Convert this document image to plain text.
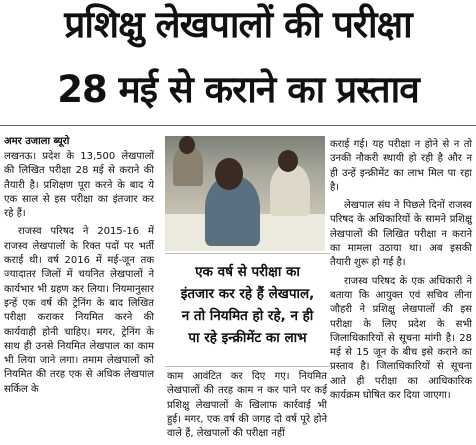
प्रशिक्षु लेखपालों की परीक्षा
28 मई से कराने का प्रस्ताव
अमर उजाला ब्यूरो

लखनऊ। प्रदेश के 13,500 लेखपालों की लिखित परीक्षा 28 मई से कराने की तैयारी है। प्रशिक्षण पूरा करने के बाद ये एक साल से इस परीक्षा का इंतजार कर रहे हैं।

राजस्व परिषद ने 2015-16 में राजस्व लेखपालों के रिक्त पदों पर भर्ती कराई थी। वर्ष 2016 में मई-जून तक ज्यादातर जिलों में चयनित लेखपालों ने कार्यभार भी ग्रहण कर लिया। नियमानुसार इन्हें एक वर्ष की ट्रेनिंग के बाद लिखित परीक्षा कराकर नियमित करने की कार्यवाही होनी चाहिए। मगर, ट्रेनिंग के साथ ही उनसे नियमित लेखपाल का काम भी लिया जाने लगा। तमाम लेखपालों को नियमित की तरह एक से अधिक लेखपाल सर्किल के

एक वर्ष से परीक्षा का
इंतजार कर रहे हैं लेखपाल,
न तो नियमित हो रहे, न ही
पा रहे इन्क्रीमेंट का लाभ

काम आवंटित कर दिए गए। नियमित लेखपालों की तरह काम न कर पाने पर कई प्रशिक्षु लेखपालों के खिलाफ कार्रवाई भी हुई। मगर, एक वर्ष की जगह दो वर्ष पूरे होने वाले हैं, लेखपालों की परीक्षा नहीं

कराई गई। यह परीक्षा न होने से न तो उनकी नौकरी स्थायी हो रही है और न ही उन्हें इन्क्रीमेंट का लाभ मिल पा रहा है।

लेखपाल संघ ने पिछले दिनों राजस्व परिषद के अधिकारियों के सामने प्रशिक्षु लेखपालों की लिखित परीक्षा न कराने का मामला उठाया था। अब इसकी तैयारी शुरू हो गई है।

राजस्व परिषद के एक अधिकारी ने बताया कि आयुक्त एवं सचिव लीना जौहरी ने प्रशिक्षु लेखपालों की इस परीक्षा के लिए प्रदेश के सभी जिलाधिकारियों से सूचना मांगी है। 28 मई से 15 जून के बीच इसे कराने का प्रस्ताव है। जिलाधिकारियों से सूचना आते ही परीक्षा का आधिकारिक कार्यक्रम घोषित कर दिया जाएगा।
